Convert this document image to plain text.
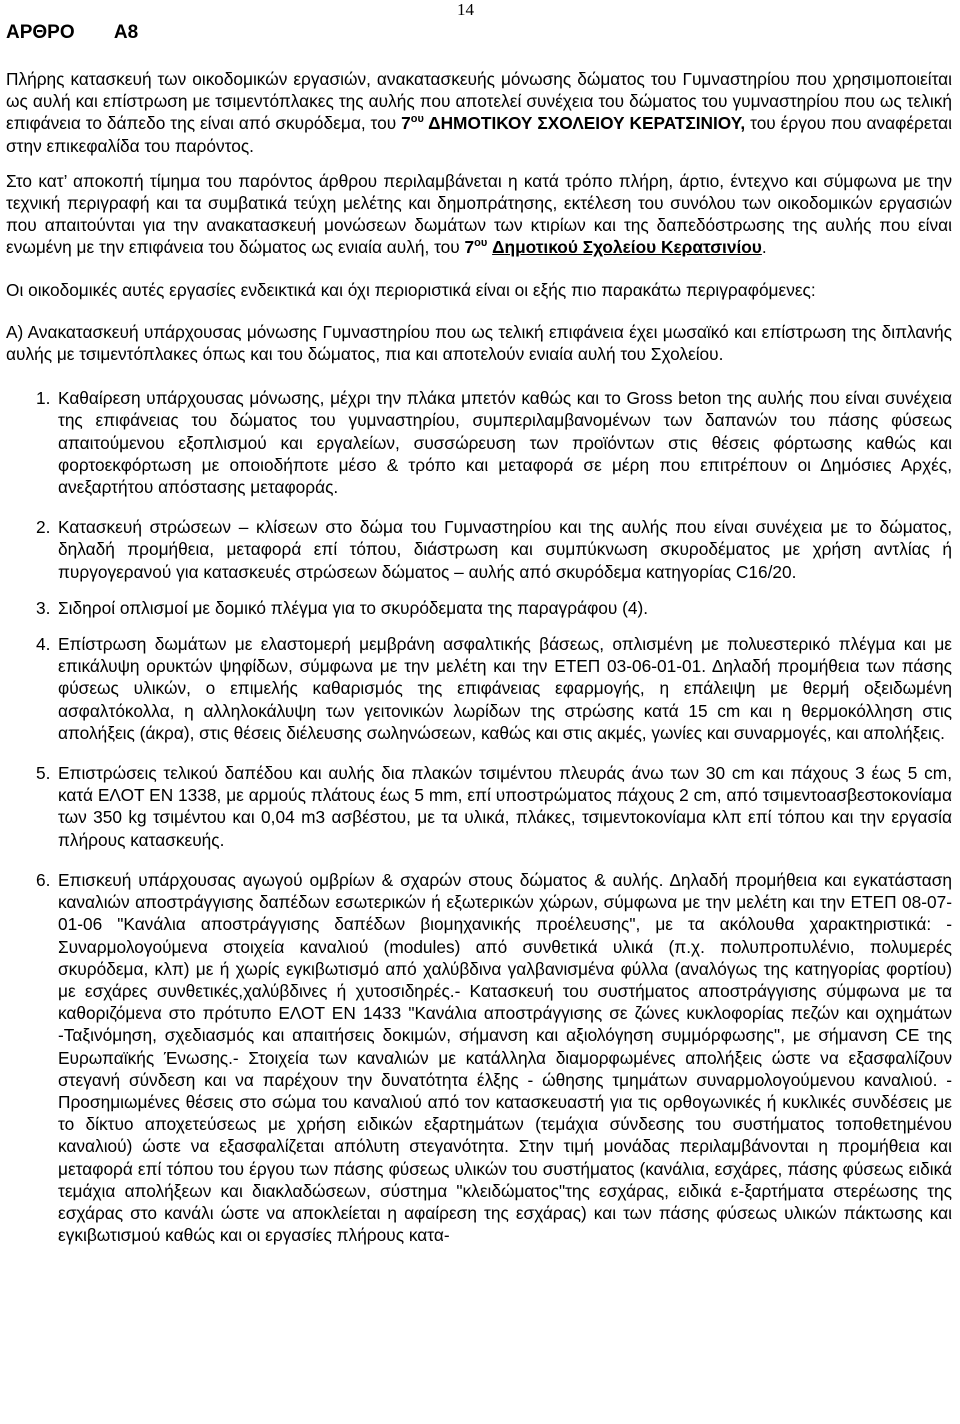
14
ΑΡΘΡΟ Α8

Πλήρης κατασκευή των οικοδομικών εργασιών, ανακατασκευής μόνωσης δώματος του Γυμναστηρίου που χρησιμοποιείται ως αυλή και επίστρωση με τσιμεντόπλακες της αυλής που αποτελεί συνέχεια του δώματος του γυμναστηρίου που ως τελική επιφάνεια το δάπεδο της είναι από σκυρόδεμα, του $7^{o\upsilon}$ ΔΗΜΟΤΙΚΟΥ ΣΧΟΛΕΙΟΥ ΚΕΡΑΤΣΙΝΙΟΥ, του έργου που αναφέρεται στην επικεφαλίδα του παρόντος.

Στο κατ’ αποκοπή τίμημα του παρόντος άρθρου περιλαμβάνεται η κατά τρόπο πλήρη, άρτιο, έντεχνο και σύμφωνα με την τεχνική περιγραφή και τα συμβατικά τεύχη μελέτης και δημοπράτησης, εκτέλεση του συνόλου των οικοδομικών εργασιών που απαιτούνται για την ανακατασκευή μονώσεων δωμάτων των κτιρίων και της δαπεδόστρωσης της αυλής που είναι ενωμένη με την επιφάνεια του δώματος ως ενιαία αυλή, του $7^{o\upsilon}$ Δημοτικού Σχολείου Κερατσινίου.

Οι οικοδομικές αυτές εργασίες ενδεικτικά και όχι περιοριστικά είναι οι εξής πιο παρακάτω περιγραφόμενες:

Α) Ανακατασκευή υπάρχουσας μόνωσης Γυμναστηρίου που ως τελική επιφάνεια έχει μωσαϊκό και επίστρωση της διπλανής αυλής με τσιμεντόπλακες όπως και του δώματος, πια και αποτελούν ενιαία αυλή του Σχολείου.

1. Καθαίρεση υπάρχουσας μόνωσης, μέχρι την πλάκα μπετόν καθώς και το Gross beton της αυλής που είναι συνέχεια της επιφάνειας του δώματος του γυμναστηρίου, συμπεριλαμβανομένων των δαπανών του πάσης φύσεως απαιτούμενου εξοπλισμού και εργαλείων, συσσώρευση των προϊόντων στις θέσεις φόρτωσης καθώς και φορτοεκφόρτωση με οποιοδήποτε μέσο & τρόπο και μεταφορά σε μέρη που επιτρέπουν οι Δημόσιες Αρχές, ανεξαρτήτου απόστασης μεταφοράς.
2. Κατασκευή στρώσεων – κλίσεων στο δώμα του Γυμναστηρίου και της αυλής που είναι συνέχεια με το δώματος, δηλαδή προμήθεια, μεταφορά επί τόπου, διάστρωση και συμπύκνωση σκυροδέματος με χρήση αντλίας ή πυργογερανού για κατασκευές στρώσεων δώματος – αυλής από σκυρόδεμα κατηγορίας C16/20.
3. Σιδηροί οπλισμοί με δομικό πλέγμα για το σκυρόδεματα της παραγράφου (4).
4. Επίστρωση δωμάτων με ελαστομερή μεμβράνη ασφαλτικής βάσεως, οπλισμένη με πολυεστερικό πλέγμα και με επικάλυψη ορυκτών ψηφίδων, σύμφωνα με την μελέτη και την ΕΤΕΠ 03-06-01-01. Δηλαδή προμήθεια των πάσης φύσεως υλικών, ο επιμελής καθαρισμός της επιφάνειας εφαρμογής, η επάλειψη με θερμή οξειδωμένη ασφαλτόκολλα, η αλληλοκάλυψη των γειτονικών λωρίδων της στρώσης κατά 15 cm και η θερμοκόλληση στις απολήξεις (άκρα), στις θέσεις διέλευσης σωληνώσεων, καθώς και στις ακμές, γωνίες και συναρμογές, και απολήξεις.
5. Επιστρώσεις τελικού δαπέδου και αυλής δια πλακών τσιμέντου πλευράς άνω των 30 cm και πάχους 3 έως 5 cm, κατά ΕΛΟΤ ΕΝ 1338, με αρμούς πλάτους έως 5 mm, επί υποστρώματος πάχους 2 cm, από τσιμεντοασβεστοκονίαμα των 350 kg τσιμέντου και 0,04 m3 ασβέστου, με τα υλικά, πλάκες, τσιμεντοκονίαμα κλπ επί τόπου και την εργασία πλήρους κατασκευής.
6. Επισκευή υπάρχουσας αγωγού ομβρίων & σχαρών στους δώματος & αυλής. Δηλαδή προμήθεια και εγκατάσταση καναλιών αποστράγγισης δαπέδων εσωτερικών ή εξωτερικών χώρων, σύμφωνα με την μελέτη και την ΕΤΕΠ 08-07-01-06 "Κανάλια αποστράγγισης δαπέδων βιομηχανικής προέλευσης", με τα ακόλουθα χαρακτηριστικά: - Συναρμολογούμενα στοιχεία καναλιού (modules) από συνθετικά υλικά (π.χ. πολυπροπυλένιο, πολυμερές σκυρόδεμα, κλπ) με ή χωρίς εγκιβωτισμό από χαλύβδινα γαλβανισμένα φύλλα (αναλόγως της κατηγορίας φορτίου) με εσχάρες συνθετικές,χαλύβδινες ή χυτοσιδηρές.- Κατασκευή του συστήματος αποστράγγισης σύμφωνα με τα καθοριζόμενα στο πρότυπο ΕΛΟΤ ΕΝ 1433 "Κανάλια αποστράγγισης σε ζώνες κυκλοφορίας πεζών και οχημάτων -Ταξινόμηση, σχεδιασμός και απαιτήσεις δοκιμών, σήμανση και αξιολόγηση συμμόρφωσης", με σήμανση CE της Ευρωπαϊκής Ένωσης.- Στοιχεία των καναλιών με κατάλληλα διαμορφωμένες απολήξεις ώστε να εξασφαλίζουν στεγανή σύνδεση και να παρέχουν την δυνατότητα έλξης - ώθησης τμημάτων συναρμολογούμενου καναλιού. - Προσημιωμένες θέσεις στο σώμα του καναλιού από τον κατασκευαστή για τις ορθογωνικές ή κυκλικές συνδέσεις με το δίκτυο αποχετεύσεως με χρήση ειδικών εξαρτημάτων (τεμάχια σύνδεσης του συστήματος τοποθετημένου καναλιού) ώστε να εξασφαλίζεται απόλυτη στεγανότητα. Στην τιμή μονάδας περιλαμβάνονται η προμήθεια και μεταφορά επί τόπου του έργου των πάσης φύσεως υλικών του συστήματος (κανάλια, εσχάρες, πάσης φύσεως ειδικά τεμάχια απολήξεων και διακλαδώσεων, σύστημα "κλειδώματος"της εσχάρας, ειδικά ε-ξαρτήματα στερέωσης της εσχάρας στο κανάλι ώστε να αποκλείεται η αφαίρεση της εσχάρας) και των πάσης φύσεως υλικών πάκτωσης και εγκιβωτισμού καθώς και οι εργασίες πλήρους κατα-
